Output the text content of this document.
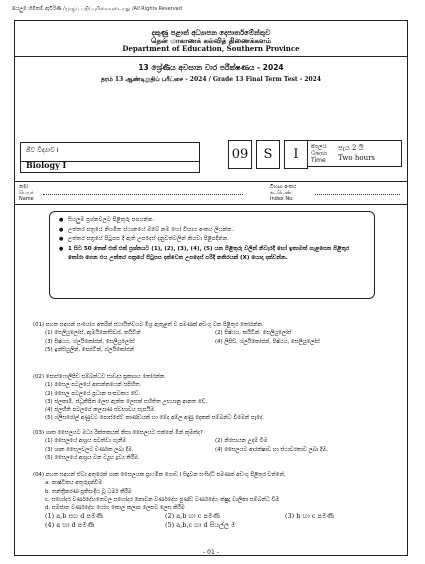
සියලුම හිමිකම් ඇවිරිණි /முழுப் பதிப்புரிமையுடையது /All Rights Reserved
දකුණු පළාත් අධ්‍යාපන දෙපාර්තමේන්තුව
தென் மாகாணக் கல்வித் திணைக்களம்
Department of Education, Southern Province
13 ශ්‍රේණිය අවසාන වාර පරීක්ෂණය - 2024
தரம் 13 ஆண்டிறுதிப் பரீட்சை - 2024 / Grade 13 Final Term Test - 2024
ජීව විද්‍යාව I
Biology I
09	S	I
කාලය
நேரம்
Time
පැය 2 යි
Two hours
නම/
பெயர்
Name
විභාග අංකය
சுட்டெண்
Index No.
● සියලුම ප්‍රශ්නවලට පිළිතුරු සපයන්න.
● උත්තර පත්‍රයේ නියමිත ස්ථානයේ ඔබේ නම හෝ විභාග අංකය ලියන්න.
● උත්තර පත්‍රයේ පිටුපස දී ඇති උපදෙස් දැනුවත්වලින් කියවා පිළිපදින්න.
● 1 සිට 50 තෙක් එක් එක් ප්‍රශ්නයට (1), (2), (3), (4), (5) යන පිළිතුරු වලින් නිවැරදි හෝ ඉතාමත් ගැළපෙන පිළිතුර තෝරා ගෙන එය උත්තර පත්‍රයේ පිටුපස දක්වෙන උපදෙස් පරිදි කතිරයක් (X) යොදා දක්වන්න.
(01) පහත සඳහන් සංයෝග අතරින් ස්ථායිත්වයට මිශ්‍ර ඇතුළත් ව පමණක් අඩංගු වන පිළිතුර තෝරන්න.
(1) සෙලියුලෝස්, ඇමයිනෝසිඩස්, කයිටින්	(2) පිෂ්ඨය, කයිටින්, සෙලියුලෝස්
(3) පිෂ්ඨය, ග්ලයිකෝජන්, සෙලියුලෝස්	(4) ලිපිඩ්, ග්ලයිකෝජන්, පිෂ්ඨය, සෙලියුලෝස්
(5) ඉන්සියුලින්, පෙප්ටින්, ග්ලයිකෝජන්
(02) පොස්ෆොලිපිඩ සම්බන්ධව සාවද්‍ය ප්‍රකාශය තෝරන්න.
(1) සෛල පටලයේ ආසන්නයෙන් සපිහිත.
(2) සෛල පටලයේ ප්‍රධාන සංඝටකය වේ.
(3) ජලකාමී, ස්ධූතීපිත ලෙස ඇත්ත ලෙසක් සහිතිත උභයානු ආනත වේ.
(4) ජලභීති පටලයේ කල්‍යාණ ස්වභාවය සැපයීම.
(5) ග්ලිසරෝල් අණුවට පොස්පේට් කාණ්ඩයක් හා මේද අම්ල අණු දෙකක් සම්බන්ධ වීමෙන් සෑදේ.
(03) ශාක සෛලයට මධ්‍ය රික්තකයක් නිසා සෛලයට එන්නේ මින් කුමක්ද?
(1) සෛලයේ ආශ්‍රය පවත්වා ගැනීම	(2) නිරසායන උදාම් වීම
(3) ශාක සෛලවලට වර්ණක ලබා දීම.	(4) සෛලයට ආරක්ෂාව හා ස්ථාවරතාව ලබා දීම.
(5) සෛලයේ ආශ්‍රය වන ව්‍යුහ ද්‍රව්‍ය කිරීම.
(04) පහත සඳහන් ඒවා අතුරෙන් ශාක සෛලයක ප්‍රාථමික ගොඩ I සිදුවන සංසිද්ධි පමණක් අඩංගු පිළිතුර වන්නේ,
a. නාෂ්ටිකය අතුරුදන්වීම
b. තන්ත්‍රීකරණ ප්‍රතිසංදිය වූ ධර්ම කීරීම
c. සහෝදර වර්ණදේහතෙවල සහෝදර නොවන වර්ණදේහ ඡුණ්ඩ වර්ණදේහ ක්ෂුද්‍ර වාලිකා සම්බන්ධ වීම
d. සමජාත වර්ණදේහ යෝග කොල කලාප ලෙසට ලෙස කිරීම
(1) a,b සහ d පමණි	(2) a,b හා c පමණි	(3) b හා c පමණි
(4) a හා d පමණි	(5) a,b,c හා d සියල්ල ම
- 01 -
